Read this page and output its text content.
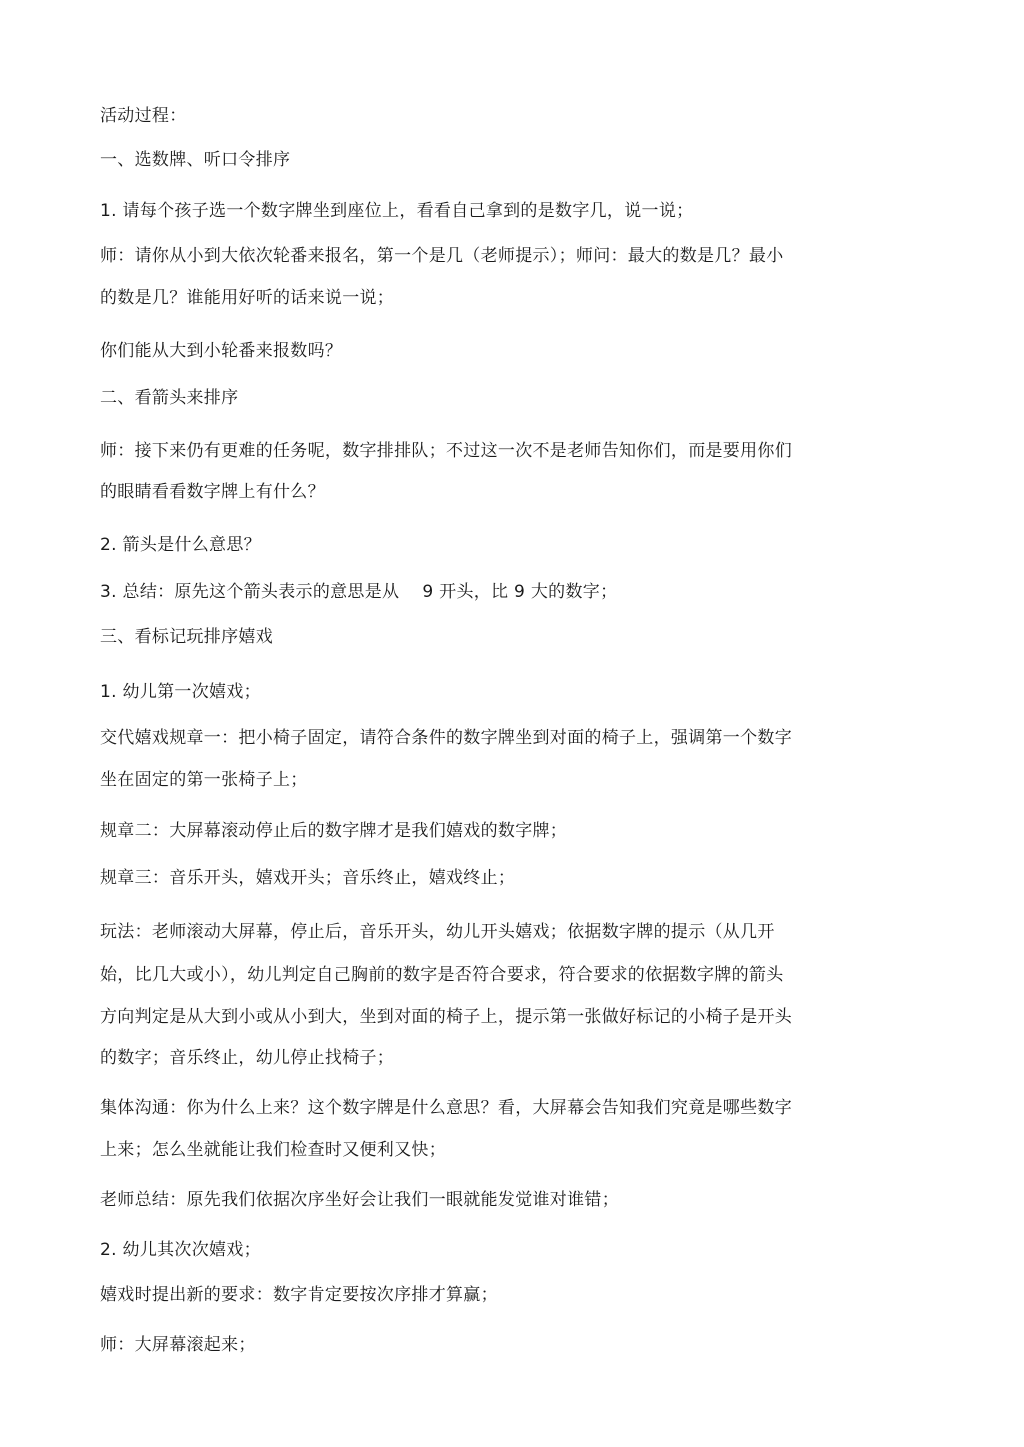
活动过程：
一、选数牌、听口令排序
1. 请每个孩子选一个数字牌坐到座位上，看看自己拿到的是数字几，说一说；
师：请你从小到大依次轮番来报名，第一个是几（老师提示）；师问：最大的数是几？最小
的数是几？谁能用好听的话来说一说；
你们能从大到小轮番来报数吗？
二、看箭头来排序
师：接下来仍有更难的任务呢，数字排排队；不过这一次不是老师告知你们，而是要用你们
的眼睛看看数字牌上有什么？
2. 箭头是什么意思？
3. 总结：原先这个箭头表示的意思是从　 9 开头，比 9 大的数字；
三、看标记玩排序嬉戏
1. 幼儿第一次嬉戏；
交代嬉戏规章一：把小椅子固定，请符合条件的数字牌坐到对面的椅子上，强调第一个数字
坐在固定的第一张椅子上；
规章二：大屏幕滚动停止后的数字牌才是我们嬉戏的数字牌；
规章三：音乐开头，嬉戏开头；音乐终止，嬉戏终止；
玩法：老师滚动大屏幕，停止后，音乐开头，幼儿开头嬉戏；依据数字牌的提示（从几开
始，比几大或小），幼儿判定自己胸前的数字是否符合要求，符合要求的依据数字牌的箭头
方向判定是从大到小或从小到大，坐到对面的椅子上，提示第一张做好标记的小椅子是开头
的数字；音乐终止，幼儿停止找椅子；
集体沟通：你为什么上来？这个数字牌是什么意思？看，大屏幕会告知我们究竟是哪些数字
上来；怎么坐就能让我们检查时又便利又快；
老师总结：原先我们依据次序坐好会让我们一眼就能发觉谁对谁错；
2. 幼儿其次次嬉戏；
嬉戏时提出新的要求：数字肯定要按次序排才算赢；
师：大屏幕滚起来；
